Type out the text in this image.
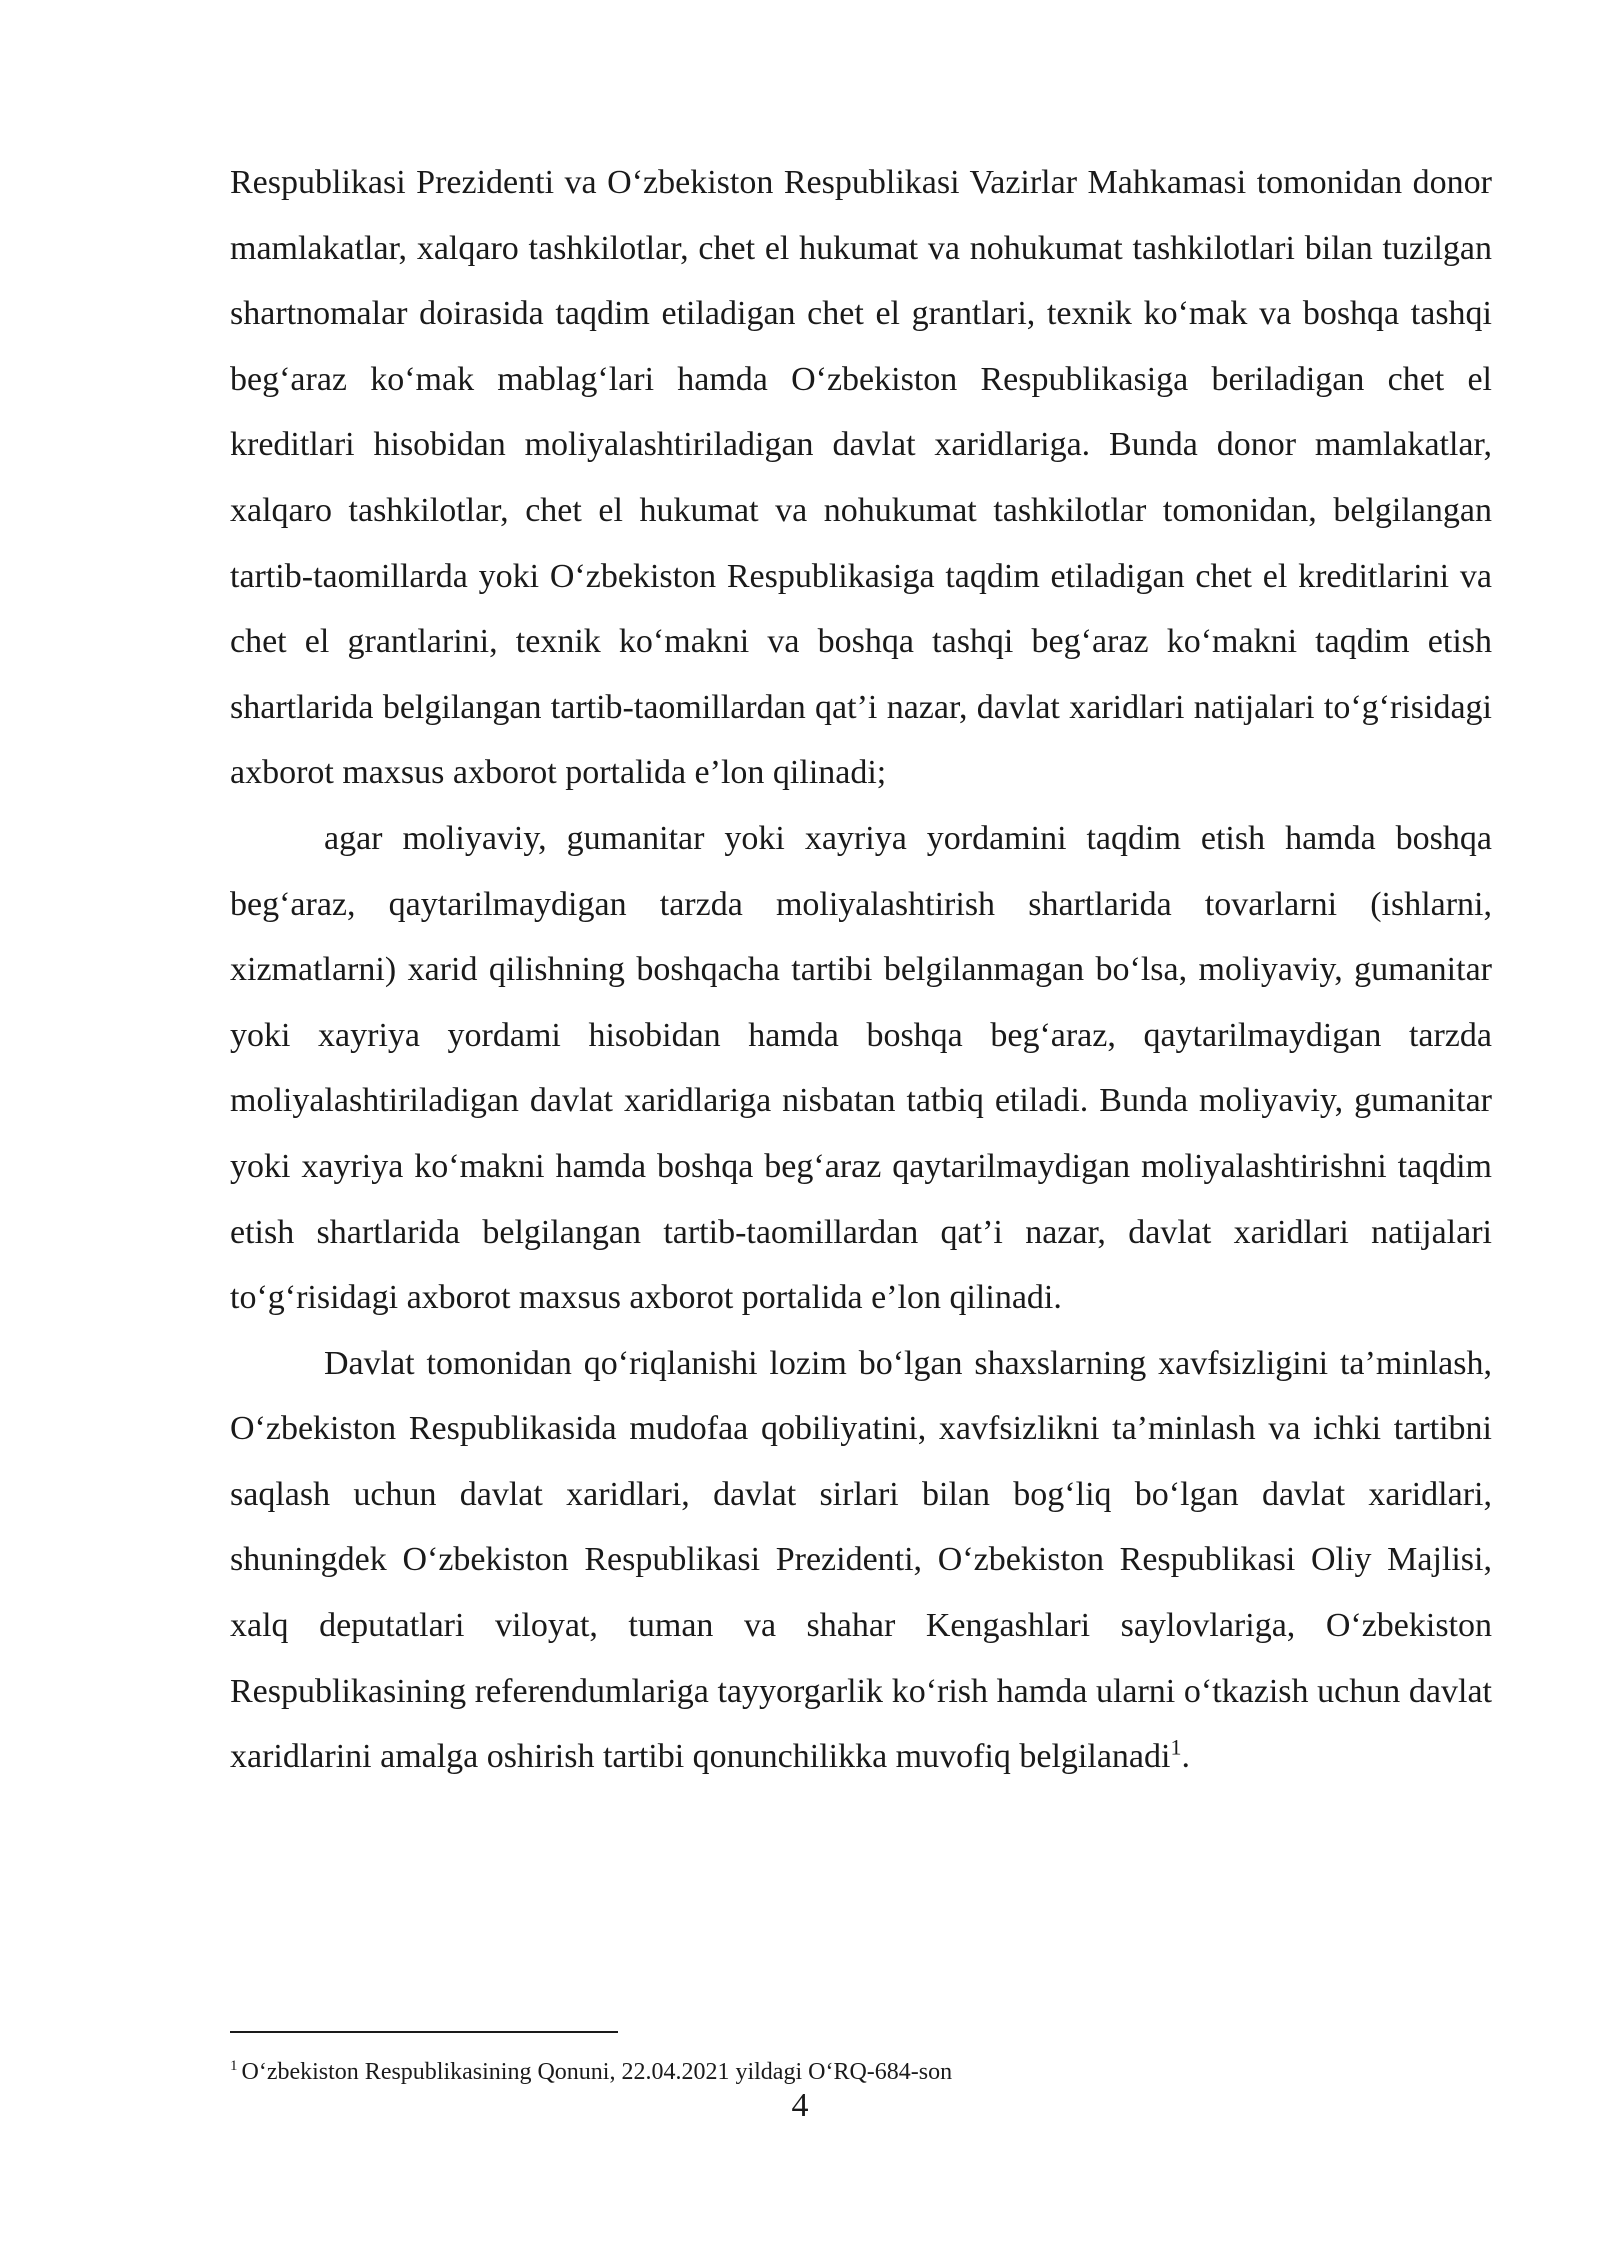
Respublikasi Prezidenti va O‘zbekiston Respublikasi Vazirlar Mahkamasi tomonidan donor mamlakatlar, xalqaro tashkilotlar, chet el hukumat va nohukumat tashkilotlari bilan tuzilgan shartnomalar doirasida taqdim etiladigan chet el grantlari, texnik ko‘mak va boshqa tashqi beg‘araz ko‘mak mablag‘lari hamda O‘zbekiston Respublikasiga beriladigan chet el kreditlari hisobidan moliyalashtiriladigan davlat xaridlariga. Bunda donor mamlakatlar, xalqaro tashkilotlar, chet el hukumat va nohukumat tashkilotlar tomonidan, belgilangan tartib-taomillarda yoki O‘zbekiston Respublikasiga taqdim etiladigan chet el kreditlarini va chet el grantlarini, texnik ko‘makni va boshqa tashqi beg‘araz ko‘makni taqdim etish shartlarida belgilangan tartib-taomillardan qat’i nazar, davlat xaridlari natijalari to‘g‘risidagi axborot maxsus axborot portalida e’lon qilinadi;

agar moliyaviy, gumanitar yoki xayriya yordamini taqdim etish hamda boshqa beg‘araz, qaytarilmaydigan tarzda moliyalashtirish shartlarida tovarlarni (ishlarni, xizmatlarni) xarid qilishning boshqacha tartibi belgilanmagan bo‘lsa, moliyaviy, gumanitar yoki xayriya yordami hisobidan hamda boshqa beg‘araz, qaytarilmaydigan tarzda moliyalashtiriladigan davlat xaridlariga nisbatan tatbiq etiladi. Bunda moliyaviy, gumanitar yoki xayriya ko‘makni hamda boshqa beg‘araz qaytarilmaydigan moliyalashtirishni taqdim etish shartlarida belgilangan tartib-taomillardan qat’i nazar, davlat xaridlari natijalari to‘g‘risidagi axborot maxsus axborot portalida e’lon qilinadi.

Davlat tomonidan qo‘riqlanishi lozim bo‘lgan shaxslarning xavfsizligini ta’minlash, O‘zbekiston Respublikasida mudofaa qobiliyatini, xavfsizlikni ta’minlash va ichki tartibni saqlash uchun davlat xaridlari, davlat sirlari bilan bog‘liq bo‘lgan davlat xaridlari, shuningdek O‘zbekiston Respublikasi Prezidenti, O‘zbekiston Respublikasi Oliy Majlisi, xalq deputatlari viloyat, tuman va shahar Kengashlari saylovlariga, O‘zbekiston Respublikasining referendumlariga tayyorgarlik ko‘rish hamda ularni o‘tkazish uchun davlat xaridlarini amalga oshirish tartibi qonunchilikka muvofiq belgilanadi$^1$.

$^1$ O‘zbekiston Respublikasining Qonuni, 22.04.2021 yildagi O‘RQ-684-son
4
